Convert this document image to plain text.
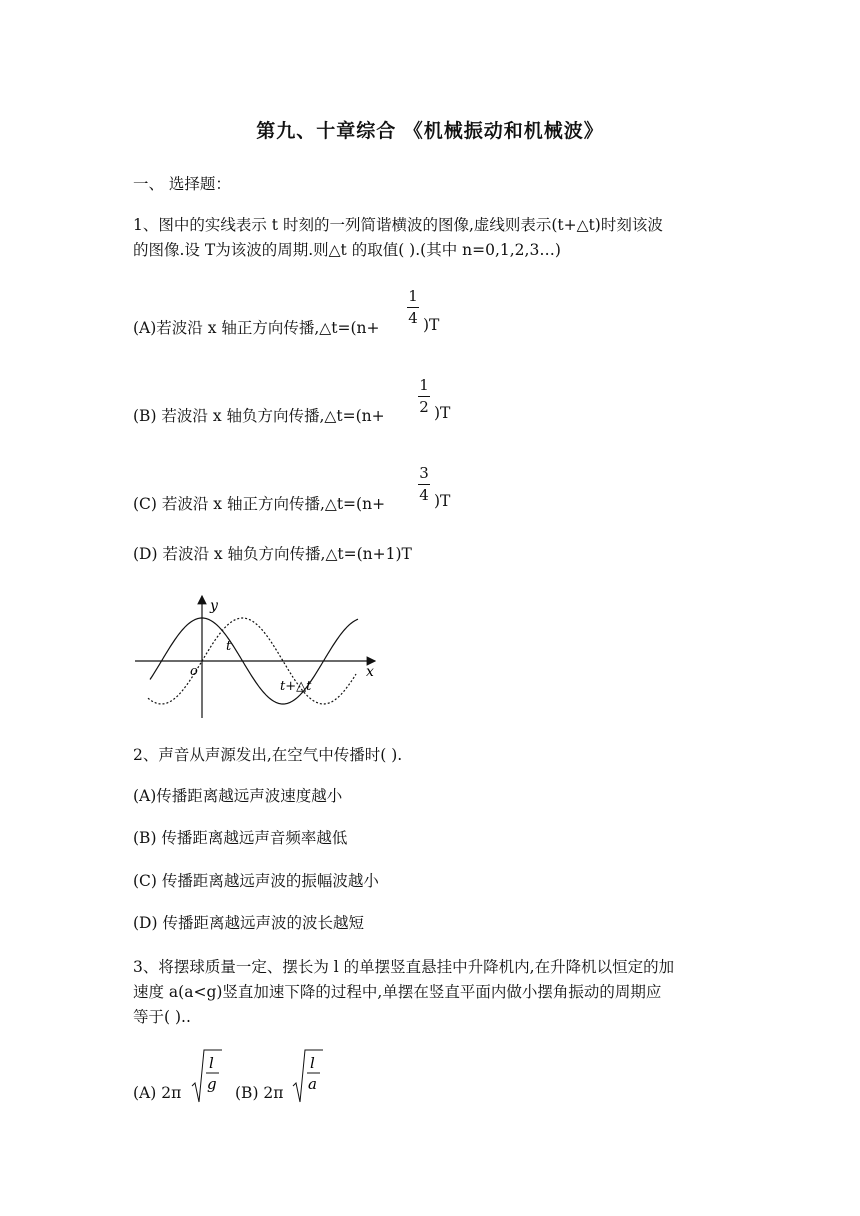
第九、十章综合 《机械振动和机械波》
一、 选择题：
1、图中的实线表示 t 时刻的一列简谐横波的图像,虚线则表示(t+△t)时刻该波
的图像.设 T为该波的周期.则△t 的取值( ).(其中 n=0,1,2,3…)
(A)若波沿 x 轴正方向传播,△t=(n+
1
4 )T
(B) 若波沿 x 轴负方向传播,△t=(n+
1
2 )T
(C) 若波沿 x 轴正方向传播,△t=(n+
3
4 )T
(D) 若波沿 x 轴负方向传播,△t=(n+1)T
y
x
o
t
t+△t
2、声音从声源发出,在空气中传播时( ).
(A)传播距离越远声波速度越小
(B) 传播距离越远声音频率越低
(C) 传播距离越远声波的振幅波越小
(D) 传播距离越远声波的波长越短
3、将摆球质量一定、摆长为 l 的单摆竖直悬挂中升降机内,在升降机以恒定的加
速度 a(a<g)竖直加速下降的过程中,单摆在竖直平面内做小摆角振动的周期应
等于( )..
(A) 2π
l
g (B) 2π
l
a
